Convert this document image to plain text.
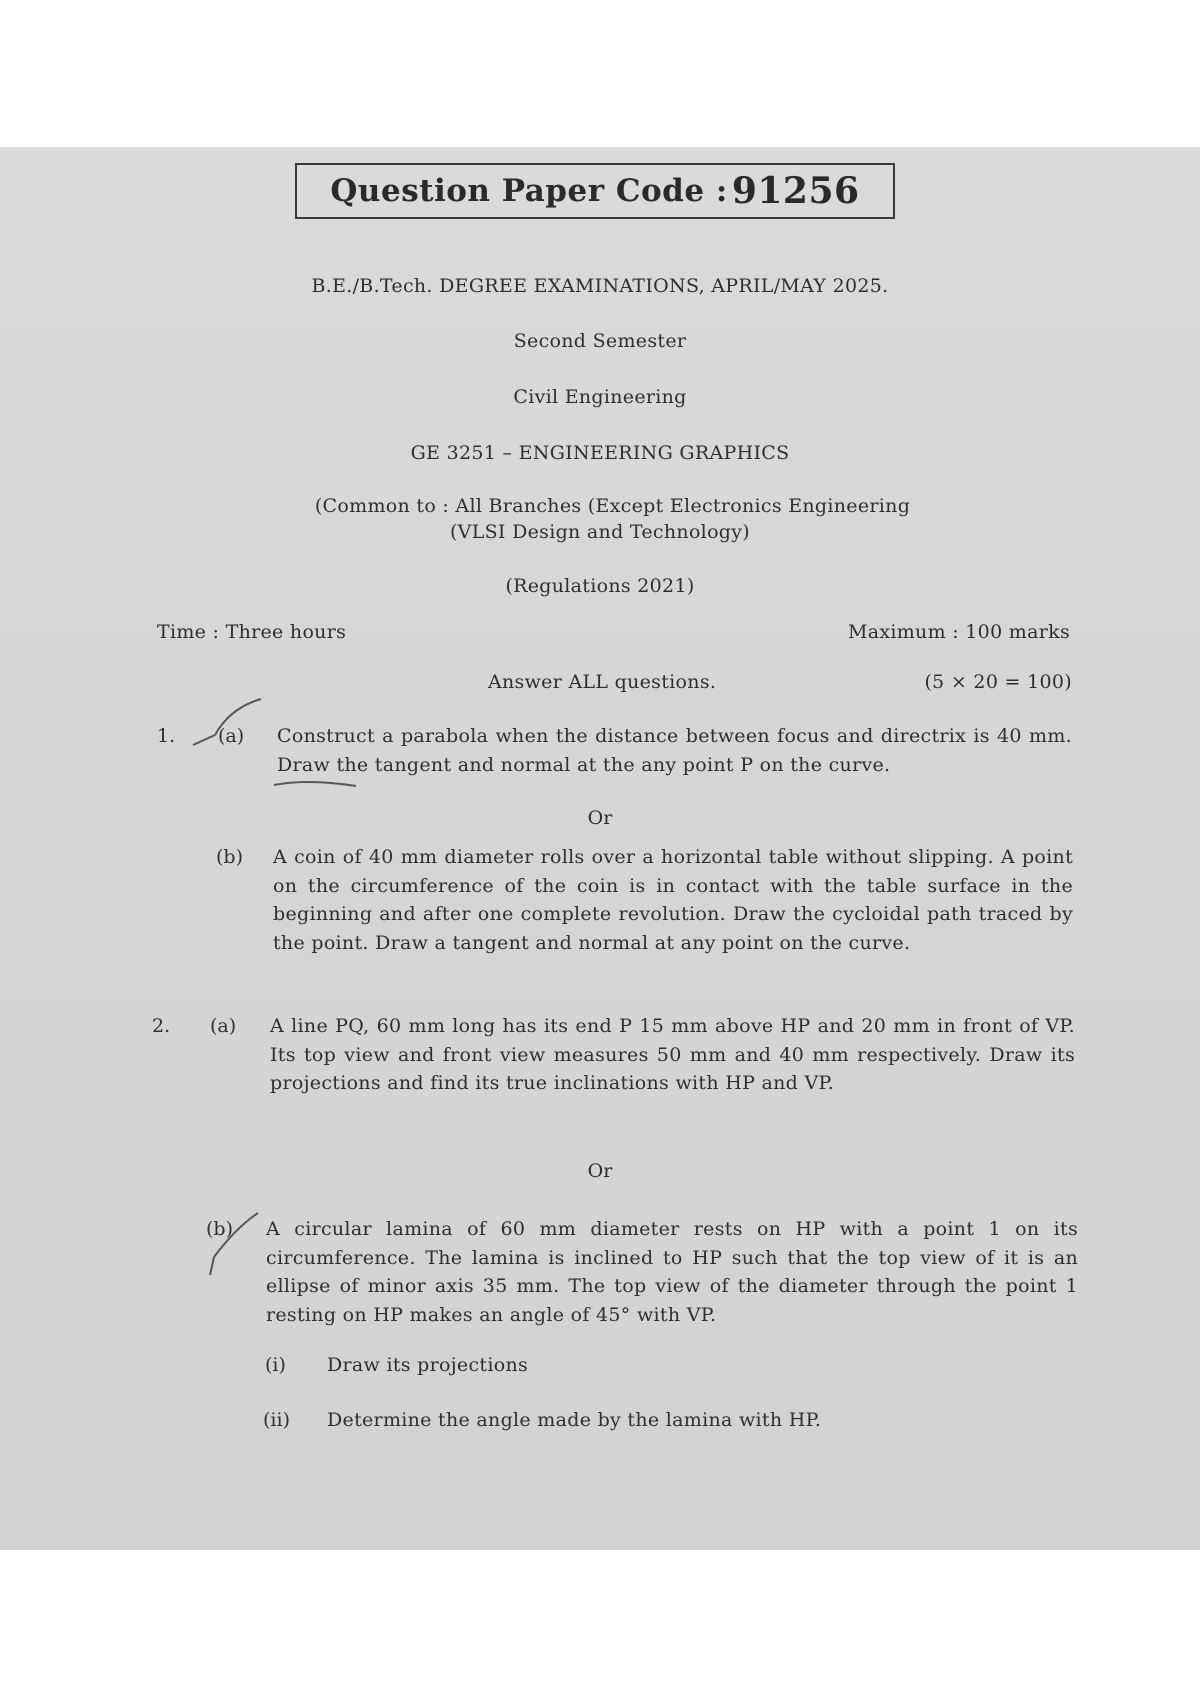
Question Paper Code : 91256
B.E./B.Tech. DEGREE EXAMINATIONS, APRIL/MAY 2025.
Second Semester
Civil Engineering
GE 3251 – ENGINEERING GRAPHICS
(Common to : All Branches (Except Electronics Engineering
(VLSI Design and Technology)
(Regulations 2021)
Time : Three hours	Maximum : 100 marks
Answer ALL questions.	(5 × 20 = 100)
1. (a) Construct a parabola when the distance between focus and directrix is 40 mm. Draw the tangent and normal at the any point P on the curve.
Or
(b) A coin of 40 mm diameter rolls over a horizontal table without slipping. A point on the circumference of the coin is in contact with the table surface in the beginning and after one complete revolution. Draw the cycloidal path traced by the point. Draw a tangent and normal at any point on the curve.
2. (a) A line PQ, 60 mm long has its end P 15 mm above HP and 20 mm in front of VP. Its top view and front view measures 50 mm and 40 mm respectively. Draw its projections and find its true inclinations with HP and VP.
Or
(b) A circular lamina of 60 mm diameter rests on HP with a point 1 on its circumference. The lamina is inclined to HP such that the top view of it is an ellipse of minor axis 35 mm. The top view of the diameter through the point 1 resting on HP makes an angle of 45° with VP.
(i) Draw its projections
(ii) Determine the angle made by the lamina with HP.
